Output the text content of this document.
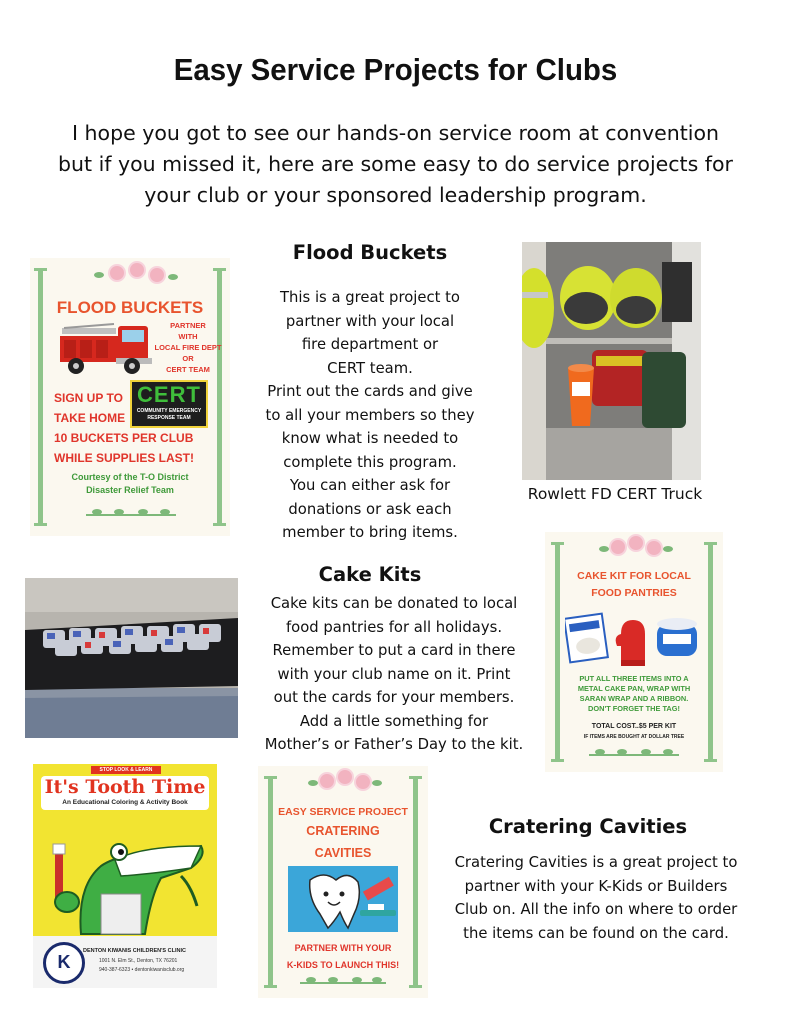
Easy Service Projects for Clubs

I hope you got to see our hands-on service room at convention

but if you missed it, here are some easy to do service projects for

your club or your sponsored leadership program.

FLOOD BUCKETS
PARTNER
WITH
LOCAL FIRE DEPT
OR
CERT TEAM
CERT
COMMUNITY EMERGENCY
RESPONSE TEAM
SIGN UP TO
TAKE HOME
10 BUCKETS PER CLUB
WHILE SUPPLIES LAST!
Courtesy of the T-O District
Disaster Relief Team
Flood Buckets

This is a great project to

partner with your local

fire department or

CERT team.

Print out the cards and give

to all your members so they

know what is needed to

complete this program.

You can either ask for

donations or ask each

member to bring items.

Rowlett FD CERT Truck
Cake Kits

Cake kits can be donated to local

food pantries for all holidays.

Remember to put a card in there

with your club name on it. Print

out the cards for your members.

Add a little something for

Mother’s or Father’s Day to the kit.

CAKE KIT FOR LOCAL
FOOD PANTRIES
PUT ALL THREE ITEMS INTO A
METAL CAKE PAN, WRAP WITH
SARAN WRAP AND A RIBBON.
DON'T FORGET THE TAG!
TOTAL COST..$5 PER KIT
IF ITEMS ARE BOUGHT AT DOLLAR TREE
STOP LOOK & LEARN
It's Tooth Time
An Educational Coloring & Activity Book
K
DENTON KIWANIS CHILDREN'S CLINIC
1001 N. Elm St., Denton, TX 76201
940-387-6323 • dentonkiwanisclub.org
EASY SERVICE PROJECT
CRATERING
CAVITIES
PARTNER WITH YOUR
K-KIDS TO LAUNCH THIS!
Cratering Cavities

Cratering Cavities is a great project to

partner with your K-Kids or Builders

Club on. All the info on where to order

the items can be found on the card.
